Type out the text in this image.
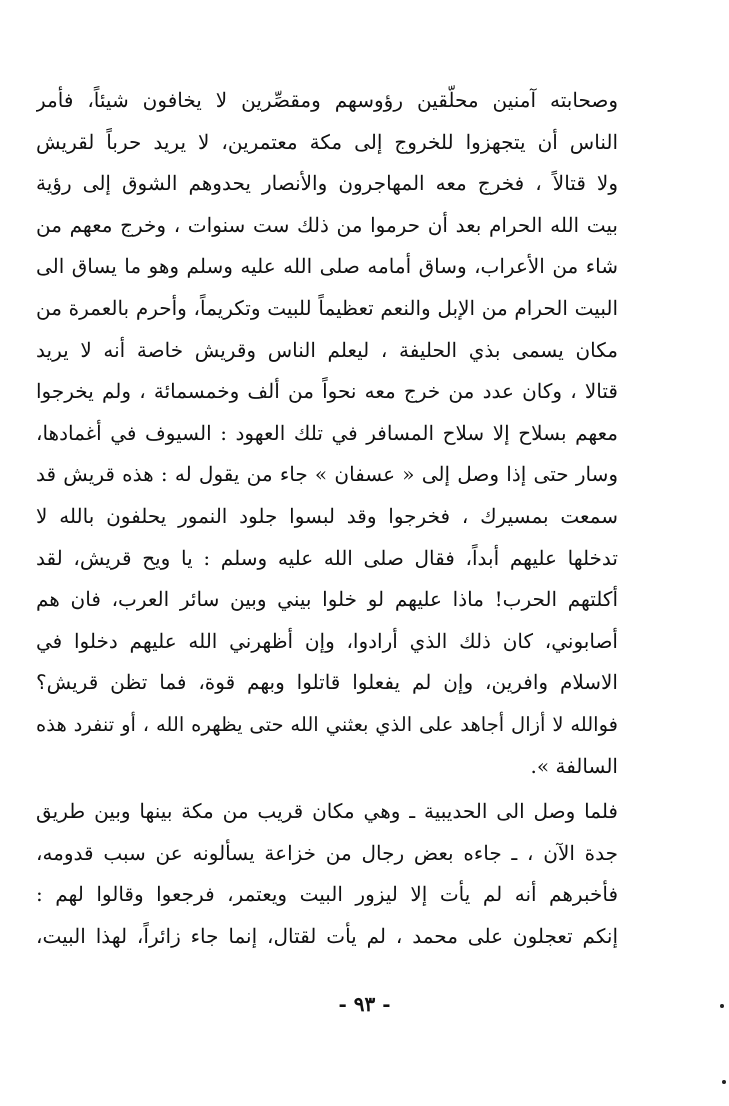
وصحابته آمنين محلّقين رؤوسهم ومقصِّرين لا يخافون شيئاً، فأمر
الناس أن يتجهزوا للخروج إلى مكة معتمرين، لا يريد حرباً لقريش
ولا قتالاً ، فخرج معه المهاجرون والأنصار يحدوهم الشوق إلى رؤية
بيت الله الحرام بعد أن حرموا من ذلك ست سنوات ، وخرج معهم من
شاء من الأعراب، وساق أمامه صلى الله عليه وسلم وهو ما يساق الى
البيت الحرام من الإبل والنعم تعظيماً للبيت وتكريماً، وأحرم بالعمرة من
مكان يسمى بذي الحليفة ، ليعلم الناس وقريش خاصة أنه لا يريد
قتالا ، وكان عدد من خرج معه نحواً من ألف وخمسمائة ، ولم يخرجوا
معهم بسلاح إلا سلاح المسافر في تلك العهود : السيوف في أغمادها،
وسار حتى إذا وصل إلى « عسفان » جاء من يقول له : هذه قريش قد
سمعت بمسيرك ، فخرجوا وقد لبسوا جلود النمور يحلفون بالله لا
تدخلها عليهم أبداً، فقال صلى الله عليه وسلم : يا ويح قريش، لقد
أكلتهم الحرب! ماذا عليهم لو خلوا بيني وبين سائر العرب، فان هم
أصابوني، كان ذلك الذي أرادوا، وإن أظهرني الله عليهم دخلوا في
الاسلام وافرين، وإن لم يفعلوا قاتلوا وبهم قوة، فما تظن قريش؟
فوالله لا أزال أجاهد على الذي بعثني الله حتى يظهره الله ، أو تنفرد هذه
السالفة ».
فلما وصل الى الحديبية ـ وهي مكان قريب من مكة بينها وبين طريق
جدة الآن ، ـ جاءه بعض رجال من خزاعة يسألونه عن سبب قدومه،
فأخبرهم أنه لم يأت إلا ليزور البيت ويعتمر، فرجعوا وقالوا لهم :
إنكم تعجلون على محمد ، لم يأت لقتال، إنما جاء زائراً، لهذا البيت،
- ٩٣ -
